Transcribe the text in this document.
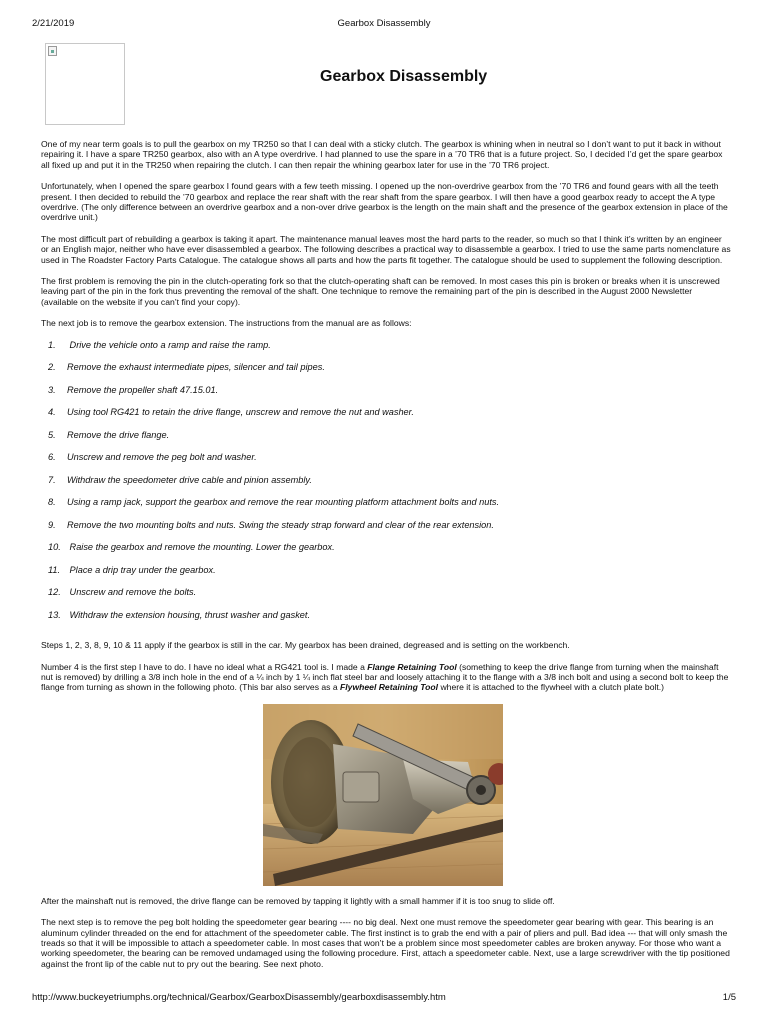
2/21/2019	Gearbox Disassembly
Gearbox Disassembly

One of my near term goals is to pull the gearbox on my TR250 so that I can deal with a sticky clutch. The gearbox is whining when in neutral so I don’t want to put it back in without repairing it. I have a spare TR250 gearbox, also with an A type overdrive. I had planned to use the spare in a ’70 TR6 that is a future project. So, I decided I’d get the spare gearbox all fixed up and put it in the TR250 when repairing the clutch. I can then repair the whining gearbox later for use in the ’70 TR6 project.

Unfortunately, when I opened the spare gearbox I found gears with a few teeth missing. I opened up the non-overdrive gearbox from the ’70 TR6 and found gears with all the teeth present. I then decided to rebuild the ’70 gearbox and replace the rear shaft with the rear shaft from the spare gearbox. I will then have a good gearbox ready to accept the A type overdrive. (The only difference between an overdrive gearbox and a non-over drive gearbox is the length on the main shaft and the presence of the gearbox extension in place of the overdrive unit.)

The most difficult part of rebuilding a gearbox is taking it apart. The maintenance manual leaves most the hard parts to the reader, so much so that I think it’s written by an engineer or an English major, neither who have ever disassembled a gearbox. The following describes a practical way to disassemble a gearbox. I tried to use the same parts nomenclature as used in The Roadster Factory Parts Catalogue. The catalogue shows all parts and how the parts fit together. The catalogue should be used to supplement the following description.

The first problem is removing the pin in the clutch-operating fork so that the clutch-operating shaft can be removed. In most cases this pin is broken or breaks when it is unscrewed leaving part of the pin in the fork thus preventing the removal of the shaft. One technique to remove the remaining part of the pin is described in the August 2000 Newsletter (available on the website if you can’t find your copy).

The next job is to remove the gearbox extension. The instructions from the manual are as follows:

1. Drive the vehicle onto a ramp and raise the ramp.
2. Remove the exhaust intermediate pipes, silencer and tail pipes.
3. Remove the propeller shaft 47.15.01.
4. Using tool RG421 to retain the drive flange, unscrew and remove the nut and washer.
5. Remove the drive flange.
6. Unscrew and remove the peg bolt and washer.
7. Withdraw the speedometer drive cable and pinion assembly.
8. Using a ramp jack, support the gearbox and remove the rear mounting platform attachment bolts and nuts.
9. Remove the two mounting bolts and nuts. Swing the steady strap forward and clear of the rear extension.
10. Raise the gearbox and remove the mounting. Lower the gearbox.
11. Place a drip tray under the gearbox.
12. Unscrew and remove the bolts.
13. Withdraw the extension housing, thrust washer and gasket.

Steps 1, 2, 3, 8, 9, 10 & 11 apply if the gearbox is still in the car. My gearbox has been drained, degreased and is setting on the workbench.

Number 4 is the first step I have to do. I have no ideal what a RG421 tool is. I made a Flange Retaining Tool (something to keep the drive flange from turning when the mainshaft nut is removed) by drilling a 3/8 inch hole in the end of a ¼ inch by 1 ¼ inch flat steel bar and loosely attaching it to the flange with a 3/8 inch bolt and using a second bolt to keep the flange from turning as shown in the following photo. (This bar also serves as a Flywheel Retaining Tool where it is attached to the flywheel with a clutch plate bolt.)

After the mainshaft nut is removed, the drive flange can be removed by tapping it lightly with a small hammer if it is too snug to slide off.

The next step is to remove the peg bolt holding the speedometer gear bearing ---- no big deal. Next one must remove the speedometer gear bearing with gear. This bearing is an aluminum cylinder threaded on the end for attachment of the speedometer cable. The first instinct is to grab the end with a pair of pliers and pull. Bad idea --- that will only smash the treads so that it will be impossible to attach a speedometer cable. In most cases that won’t be a problem since most speedometer cables are broken anyway. For those who want a working speedometer, the bearing can be removed undamaged using the following procedure. First, attach a speedometer cable. Next, use a large screwdriver with the tip positioned against the front lip of the cable nut to pry out the bearing. See next photo.

http://www.buckeyetriumphs.org/technical/Gearbox/GearboxDisassembly/gearboxdisassembly.htm	1/5
